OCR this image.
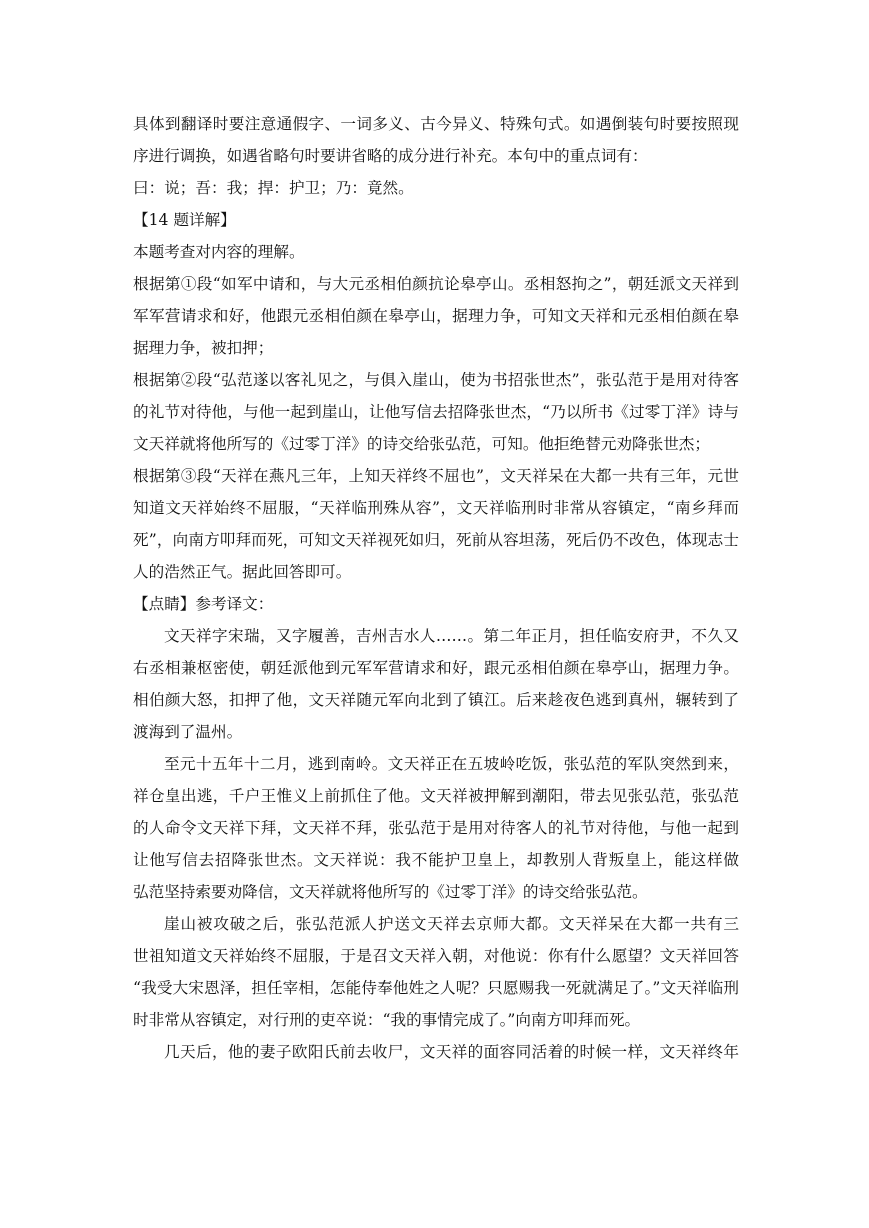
具体到翻译时要注意通假字、一词多义、古今异义、特殊句式。如遇倒装句时要按照现
序进行调换，如遇省略句时要讲省略的成分进行补充。本句中的重点词有：
曰：说；吾：我；捍：护卫；乃：竟然。
【14 题详解】
本题考查对内容的理解。
根据第①段“如军中请和，与大元丞相伯颜抗论皋亭山。丞相怒拘之”，朝廷派文天祥到
军军营请求和好，他跟元丞相伯颜在皋亭山，据理力争，可知文天祥和元丞相伯颜在皋
据理力争，被扣押；
根据第②段“弘范遂以客礼见之，与俱入崖山，使为书招张世杰”，张弘范于是用对待客
的礼节对待他，与他一起到崖山，让他写信去招降张世杰，“乃以所书《过零丁洋》诗与
文天祥就将他所写的《过零丁洋》的诗交给张弘范，可知。他拒绝替元劝降张世杰；
根据第③段“天祥在燕凡三年，上知天祥终不屈也”，文天祥呆在大都一共有三年，元世
知道文天祥始终不屈服，“天祥临刑殊从容”，文天祥临刑时非常从容镇定，“南乡拜而
死”，向南方叩拜而死，可知文天祥视死如归，死前从容坦荡，死后仍不改色，体现志士
人的浩然正气。据此回答即可。
【点睛】参考译文：
文天祥字宋瑞，又字履善，吉州吉水人……。第二年正月，担任临安府尹，不久又
右丞相兼枢密使，朝廷派他到元军军营请求和好，跟元丞相伯颜在皋亭山，据理力争。
相伯颜大怒，扣押了他，文天祥随元军向北到了镇江。后来趁夜色逃到真州，辗转到了
渡海到了温州。
至元十五年十二月，逃到南岭。文天祥正在五坡岭吃饭，张弘范的军队突然到来，
祥仓皇出逃，千户王惟义上前抓住了他。文天祥被押解到潮阳，带去见张弘范，张弘范
的人命令文天祥下拜，文天祥不拜，张弘范于是用对待客人的礼节对待他，与他一起到
让他写信去招降张世杰。文天祥说：我不能护卫皇上，却教别人背叛皇上，能这样做
弘范坚持索要劝降信，文天祥就将他所写的《过零丁洋》的诗交给张弘范。
崖山被攻破之后，张弘范派人护送文天祥去京师大都。文天祥呆在大都一共有三
世祖知道文天祥始终不屈服，于是召文天祥入朝，对他说：你有什么愿望？文天祥回答
“我受大宋恩泽，担任宰相，怎能侍奉他姓之人呢？只愿赐我一死就满足了。”文天祥临刑
时非常从容镇定，对行刑的吏卒说：“我的事情完成了。”向南方叩拜而死。
几天后，他的妻子欧阳氏前去收尸，文天祥的面容同活着的时候一样，文天祥终年
